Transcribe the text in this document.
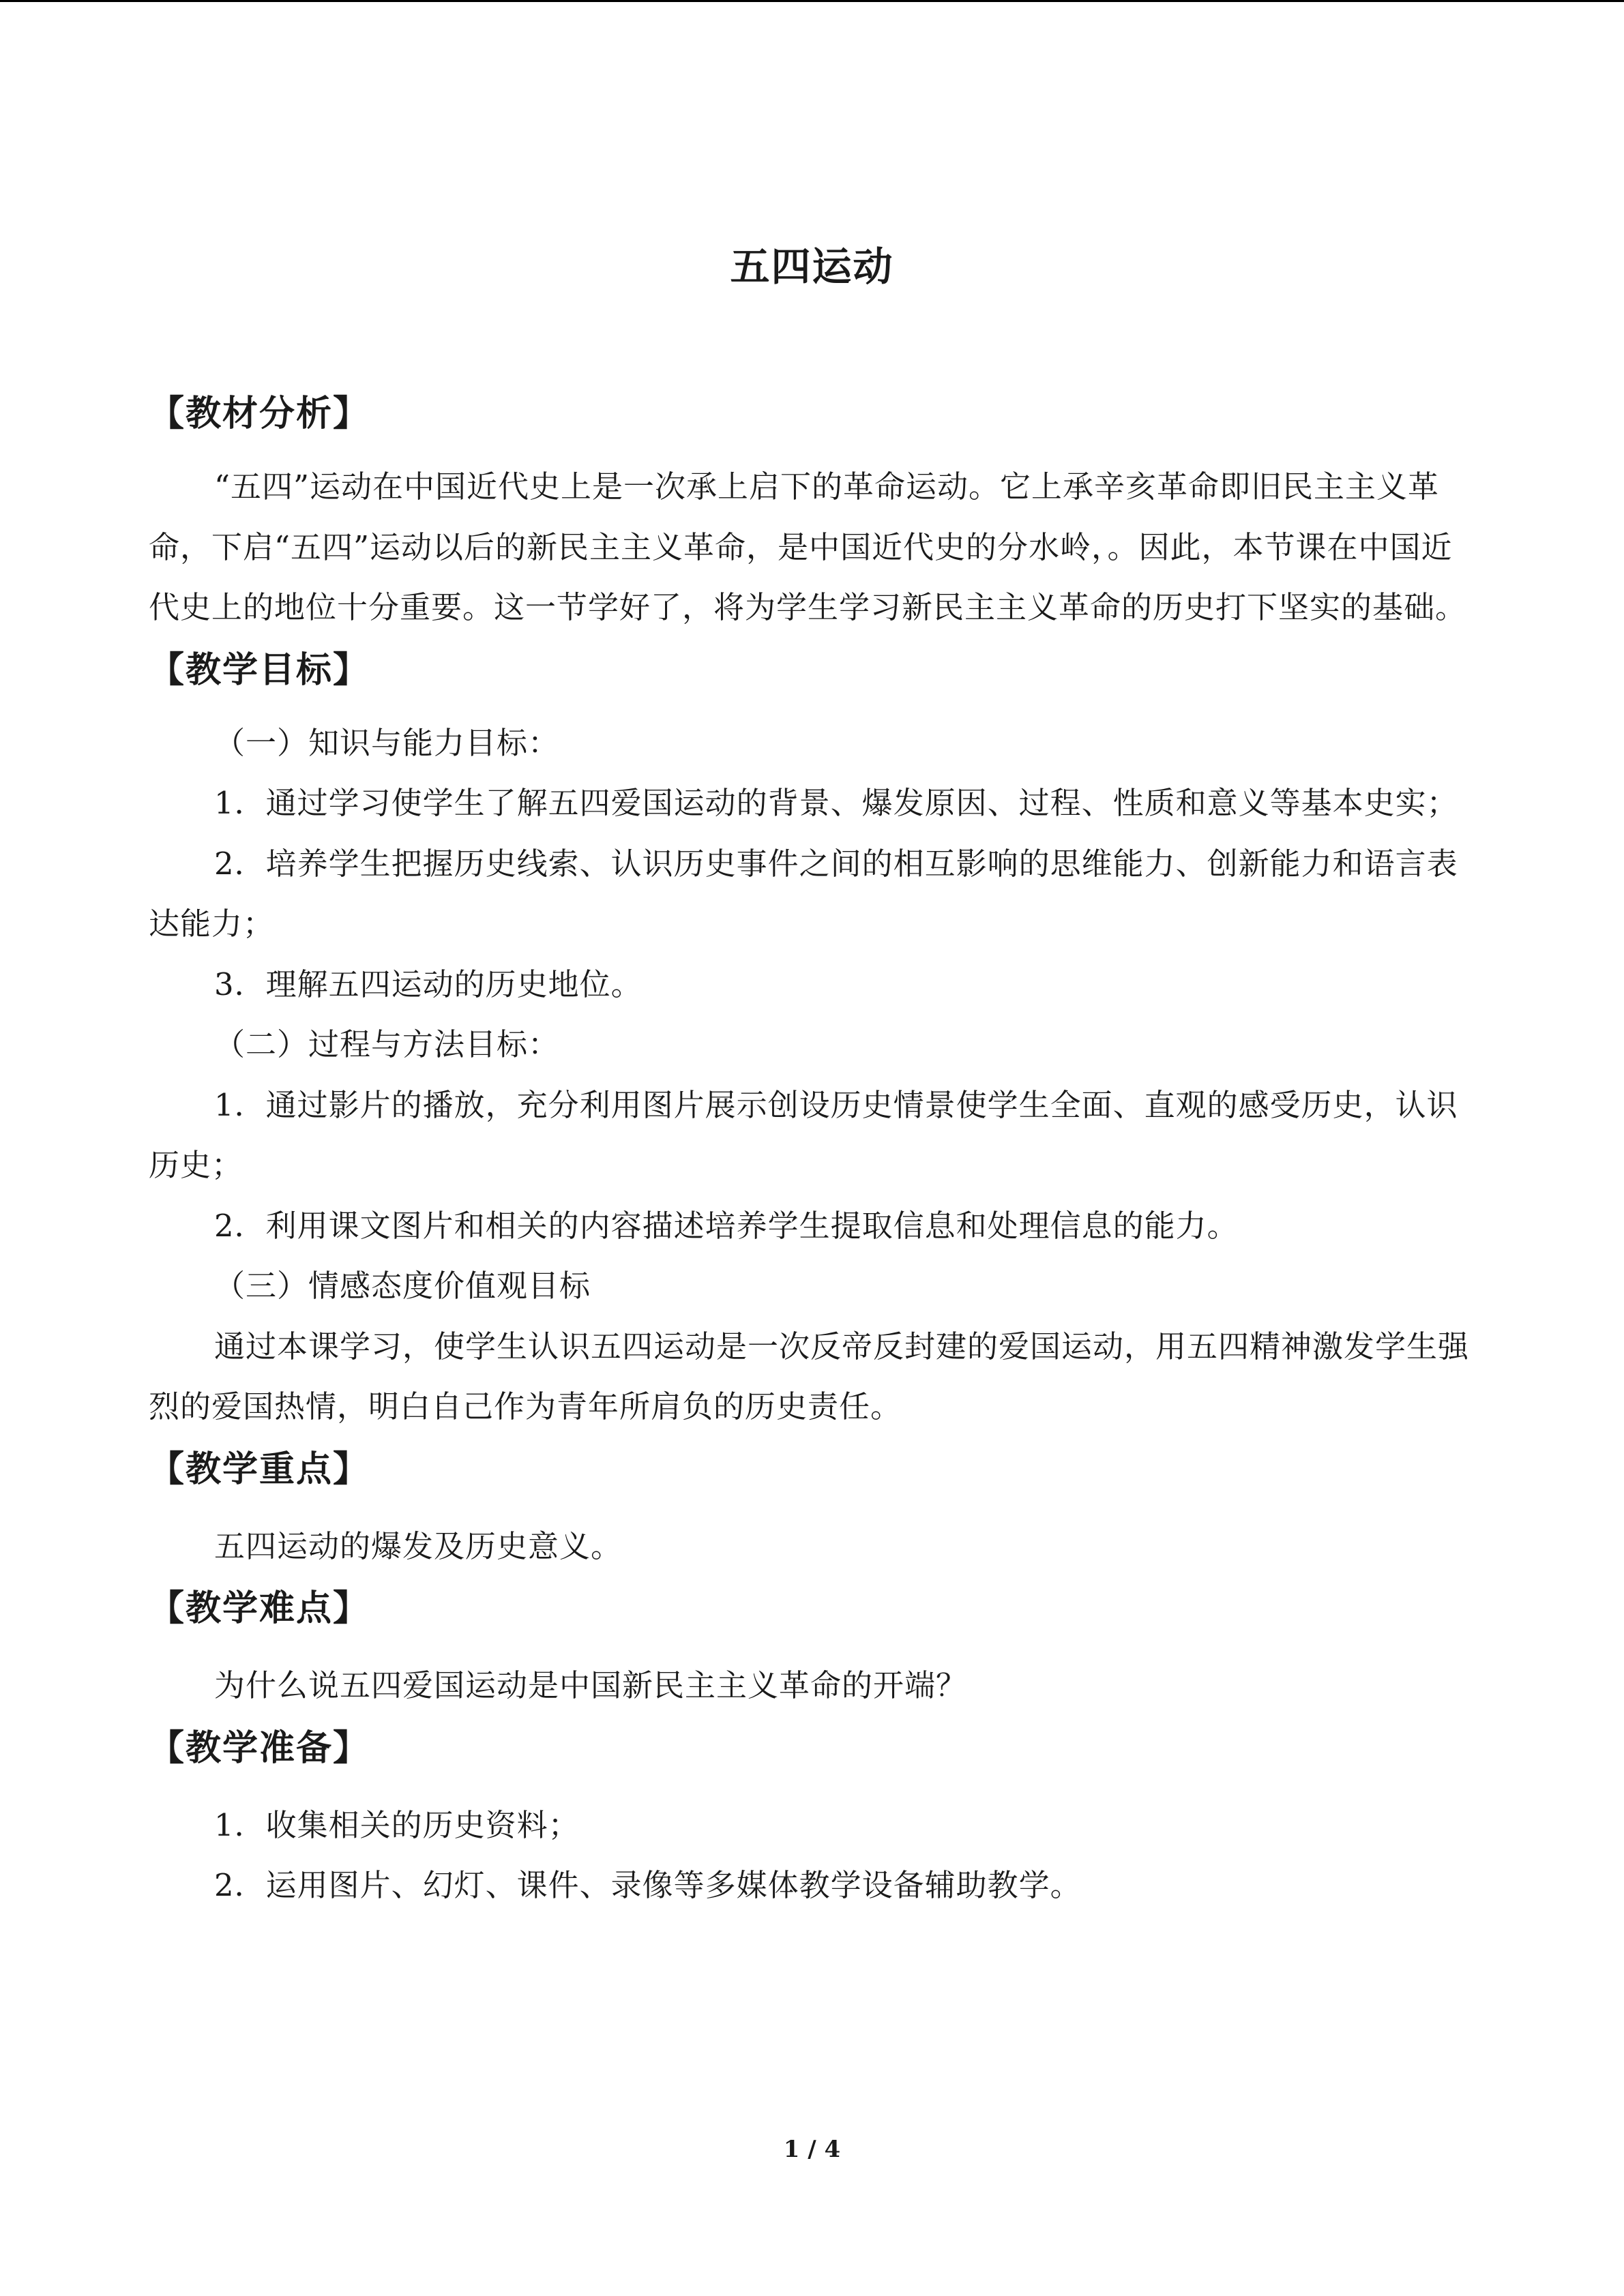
五四运动
【教材分析】

“五四”运动在中国近代史上是一次承上启下的革命运动。它上承辛亥革命即旧民主主义革命，下启“五四”运动以后的新民主主义革命，是中国近代史的分水岭，。因此，本节课在中国近代史上的地位十分重要。这一节学好了，将为学生学习新民主主义革命的历史打下坚实的基础。

【教学目标】

（一）知识与能力目标：

1．通过学习使学生了解五四爱国运动的背景、爆发原因、过程、性质和意义等基本史实；

2．培养学生把握历史线索、认识历史事件之间的相互影响的思维能力、创新能力和语言表达能力；

3．理解五四运动的历史地位。

（二）过程与方法目标：

1．通过影片的播放，充分利用图片展示创设历史情景使学生全面、直观的感受历史，认识历史；

2．利用课文图片和相关的内容描述培养学生提取信息和处理信息的能力。

（三）情感态度价值观目标

通过本课学习，使学生认识五四运动是一次反帝反封建的爱国运动，用五四精神激发学生强烈的爱国热情，明白自己作为青年所肩负的历史责任。

【教学重点】

五四运动的爆发及历史意义。

【教学难点】

为什么说五四爱国运动是中国新民主主义革命的开端？

【教学准备】

1．收集相关的历史资料；

2．运用图片、幻灯、课件、录像等多媒体教学设备辅助教学。

1 / 4
